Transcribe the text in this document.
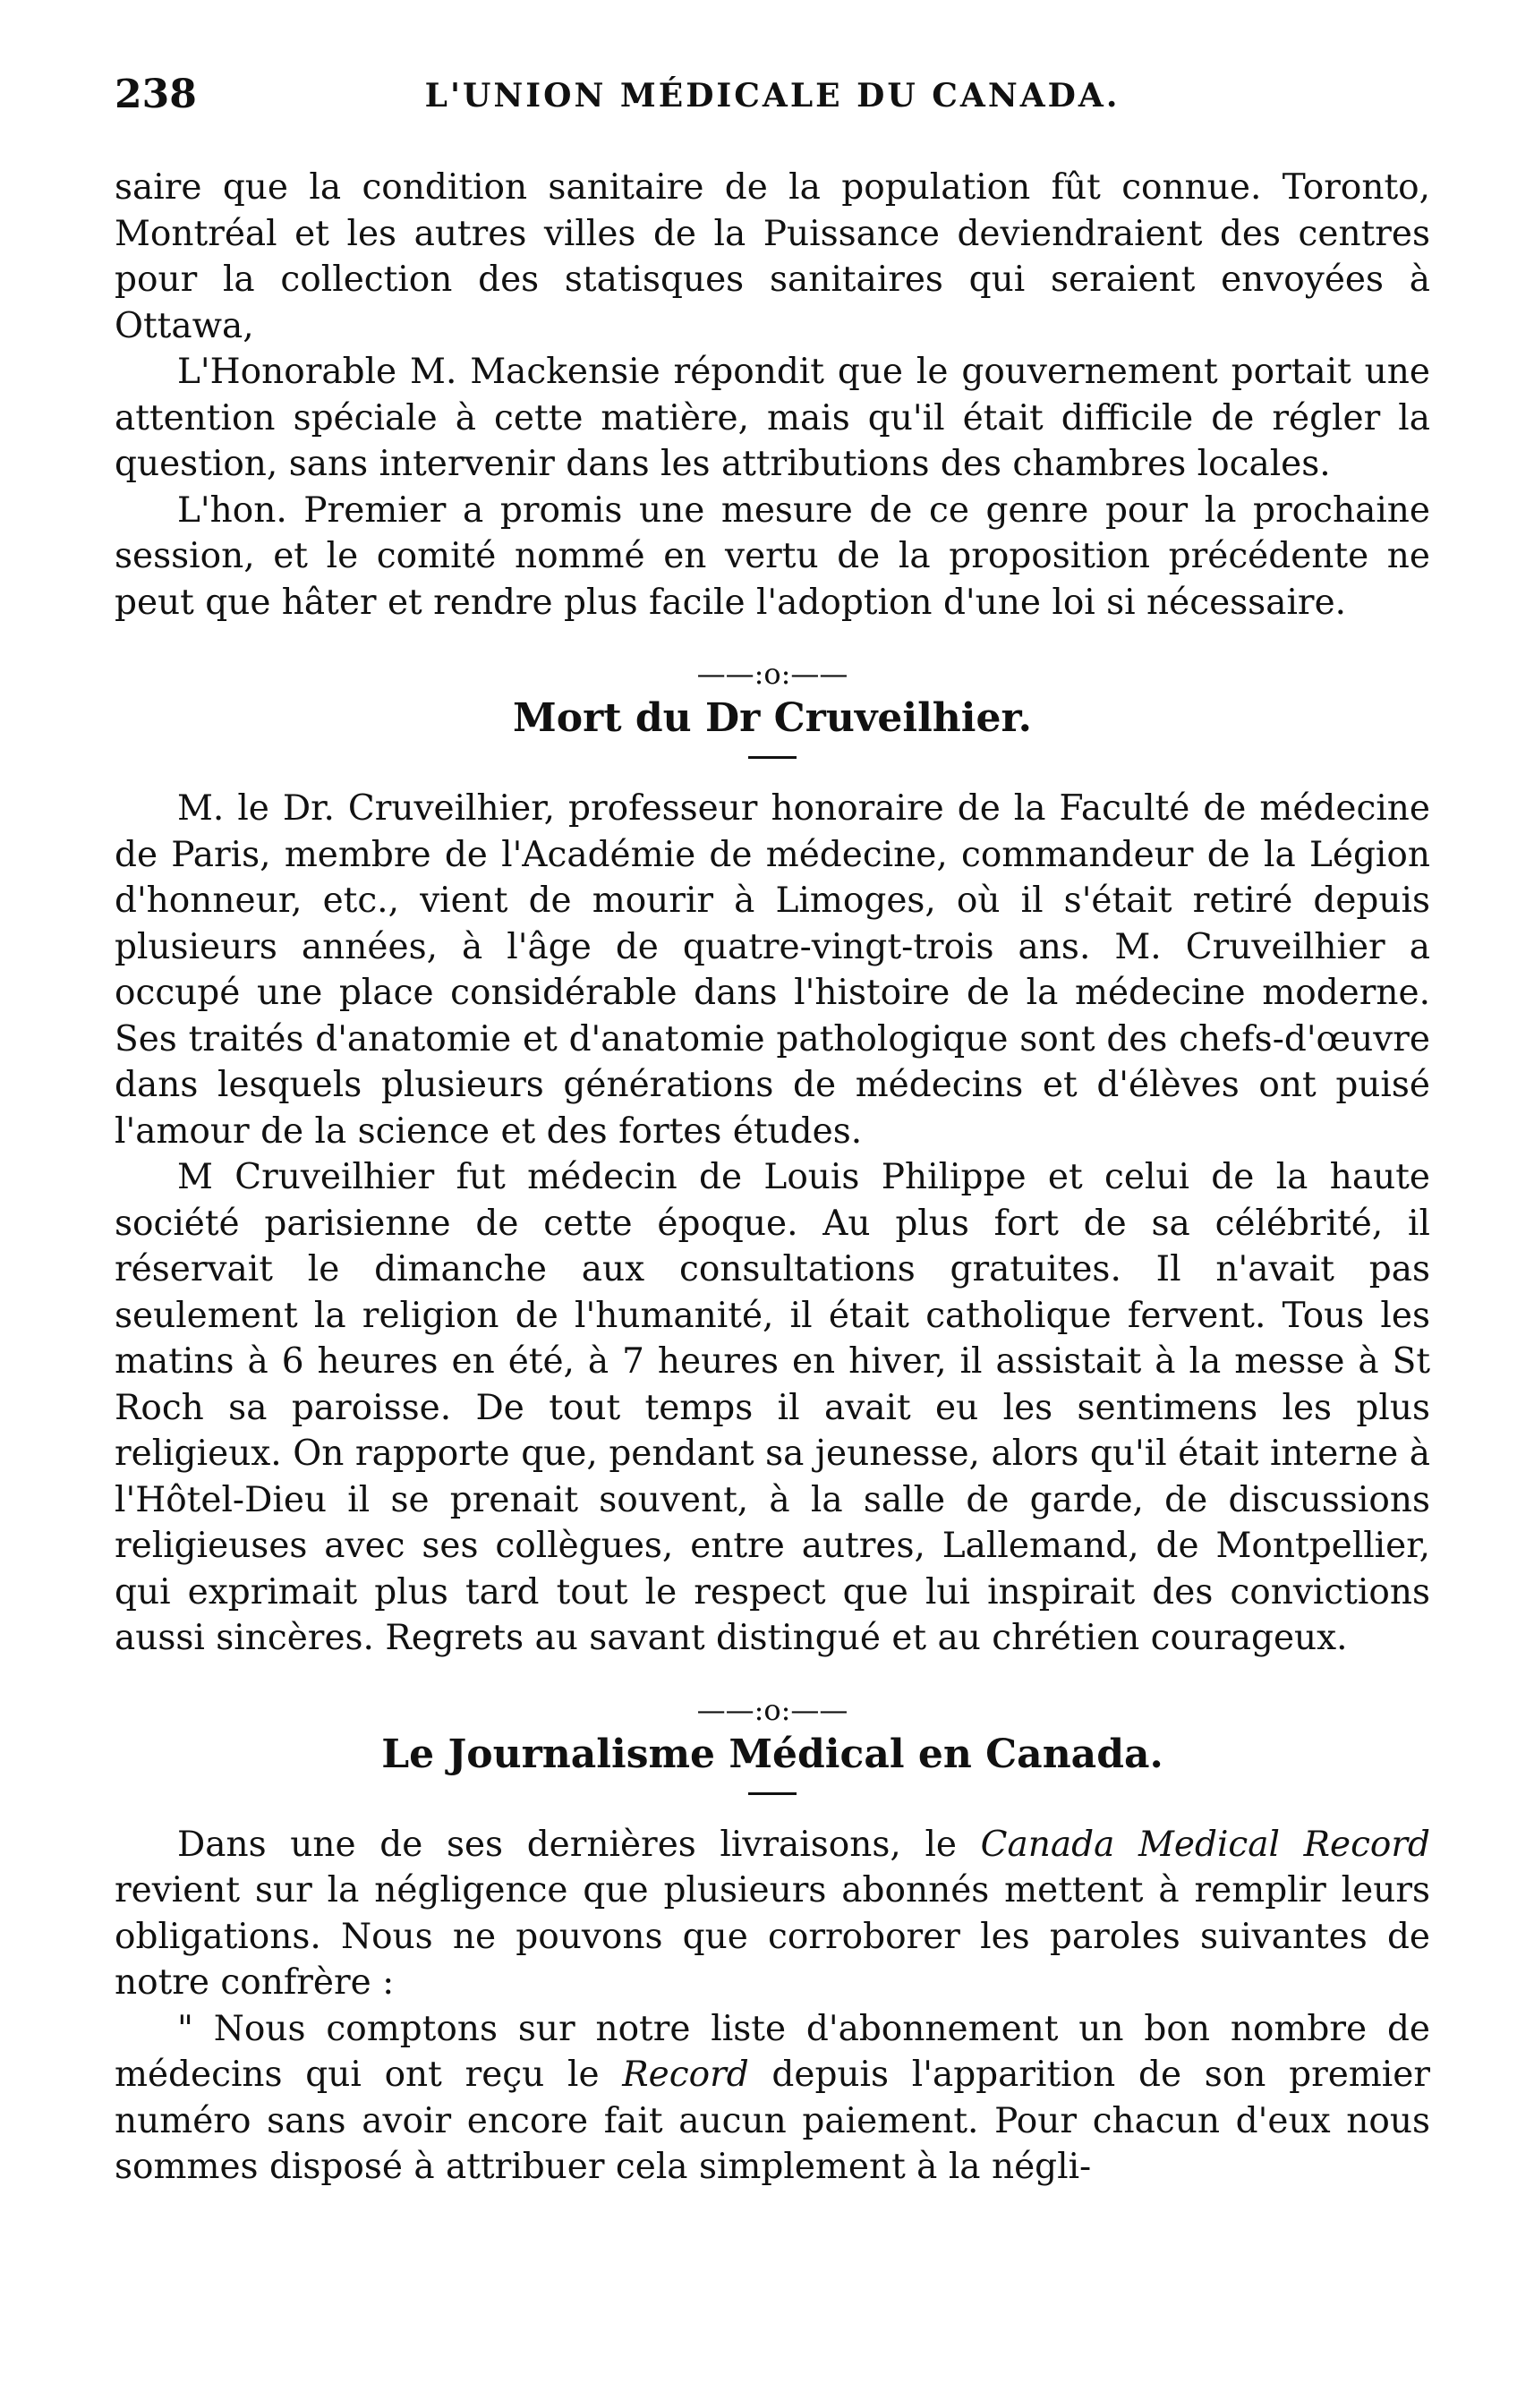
238	L'UNION MÉDICALE DU CANADA.

saire que la condition sanitaire de la population fût connue. Toronto, Montréal et les autres villes de la Puissance deviendraient des centres pour la collection des statisques sanitaires qui seraient envoyées à Ottawa,

L'Honorable M. Mackensie répondit que le gouvernement portait une attention spéciale à cette matière, mais qu'il était difficile de régler la question, sans intervenir dans les attributions des chambres locales.

L'hon. Premier a promis une mesure de ce genre pour la prochaine session, et le comité nommé en vertu de la proposition précédente ne peut que hâter et rendre plus facile l'adoption d'une loi si nécessaire.

——:o:——
Mort du Dr Cruveilhier.

M. le Dr. Cruveilhier, professeur honoraire de la Faculté de médecine de Paris, membre de l'Académie de médecine, commandeur de la Légion d'honneur, etc., vient de mourir à Limoges, où il s'était retiré depuis plusieurs années, à l'âge de quatre-vingt-trois ans. M. Cruveilhier a occupé une place considérable dans l'histoire de la médecine moderne. Ses traités d'anatomie et d'anatomie pathologique sont des chefs-d'œuvre dans lesquels plusieurs générations de médecins et d'élèves ont puisé l'amour de la science et des fortes études.

M Cruveilhier fut médecin de Louis Philippe et celui de la haute société parisienne de cette époque. Au plus fort de sa célébrité, il réservait le dimanche aux consultations gratuites. Il n'avait pas seulement la religion de l'humanité, il était catholique fervent. Tous les matins à 6 heures en été, à 7 heures en hiver, il assistait à la messe à St Roch sa paroisse. De tout temps il avait eu les sentimens les plus religieux. On rapporte que, pendant sa jeunesse, alors qu'il était interne à l'Hôtel-Dieu il se prenait souvent, à la salle de garde, de discussions religieuses avec ses collègues, entre autres, Lallemand, de Montpellier, qui exprimait plus tard tout le respect que lui inspirait des convictions aussi sincères. Regrets au savant distingué et au chrétien courageux.

——:o:——
Le Journalisme Médical en Canada.

Dans une de ses dernières livraisons, le Canada Medical Record revient sur la négligence que plusieurs abonnés mettent à remplir leurs obligations. Nous ne pouvons que corroborer les paroles suivantes de notre confrère :

" Nous comptons sur notre liste d'abonnement un bon nombre de médecins qui ont reçu le Record depuis l'apparition de son premier numéro sans avoir encore fait aucun paiement. Pour chacun d'eux nous sommes disposé à attribuer cela simplement à la négli-
